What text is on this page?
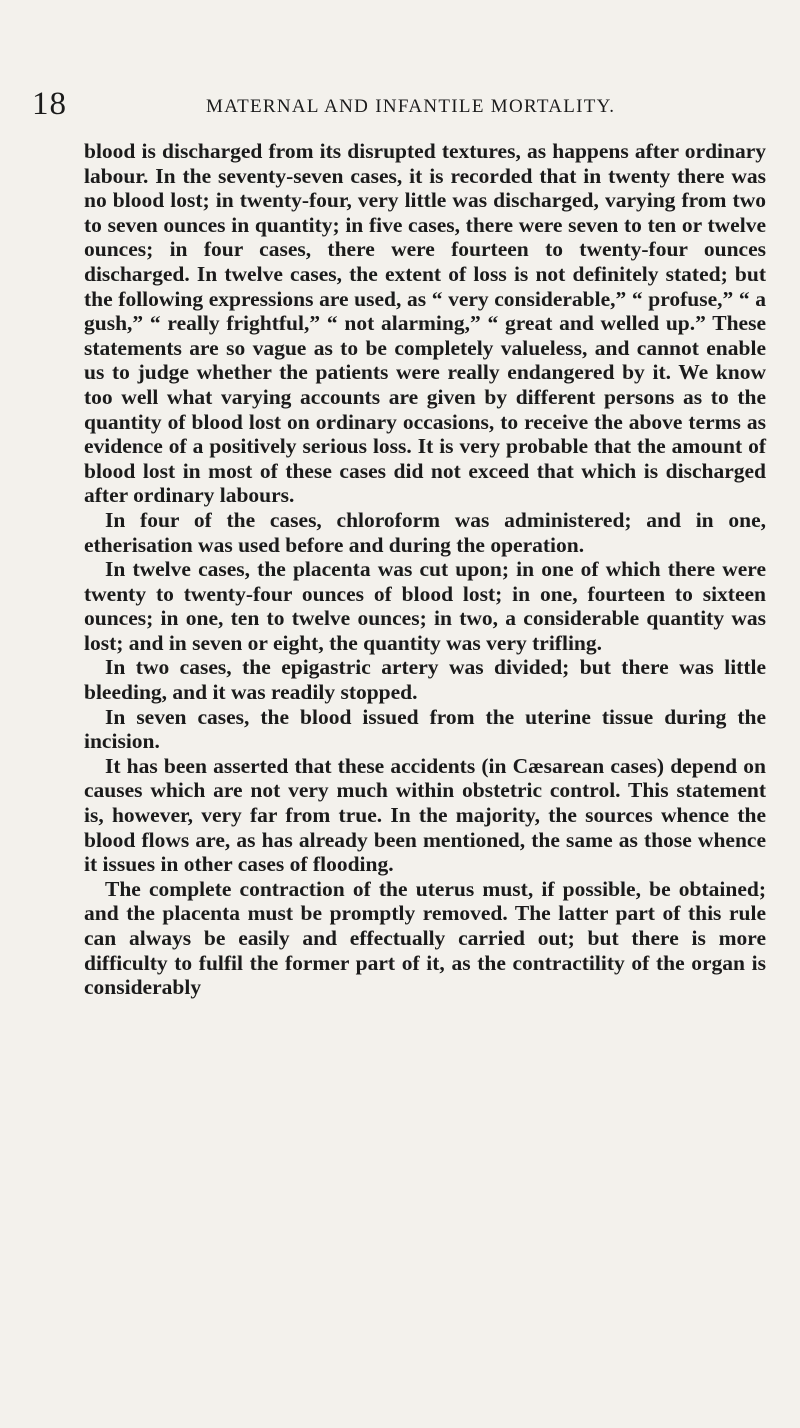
18	MATERNAL AND INFANTILE MORTALITY.

blood is discharged from its disrupted textures, as happens after ordinary labour. In the seventy-seven cases, it is recorded that in twenty there was no blood lost; in twenty-four, very little was discharged, varying from two to seven ounces in quantity; in five cases, there were seven to ten or twelve ounces; in four cases, there were fourteen to twenty-four ounces discharged. In twelve cases, the extent of loss is not definitely stated; but the following expressions are used, as “ very considerable,” “ profuse,” “ a gush,” “ really frightful,” “ not alarming,” “ great and welled up.” These statements are so vague as to be completely valueless, and cannot enable us to judge whether the patients were really endangered by it. We know too well what varying accounts are given by different persons as to the quantity of blood lost on ordinary occasions, to receive the above terms as evidence of a positively serious loss. It is very probable that the amount of blood lost in most of these cases did not exceed that which is discharged after ordinary labours.

In four of the cases, chloroform was administered; and in one, etherisation was used before and during the operation.

In twelve cases, the placenta was cut upon; in one of which there were twenty to twenty-four ounces of blood lost; in one, fourteen to sixteen ounces; in one, ten to twelve ounces; in two, a considerable quantity was lost; and in seven or eight, the quantity was very trifling.

In two cases, the epigastric artery was divided; but there was little bleeding, and it was readily stopped.

In seven cases, the blood issued from the uterine tissue during the incision.

It has been asserted that these accidents (in Cæsarean cases) depend on causes which are not very much within obstetric control. This statement is, however, very far from true. In the majority, the sources whence the blood flows are, as has already been mentioned, the same as those whence it issues in other cases of flooding.

The complete contraction of the uterus must, if possible, be obtained; and the placenta must be promptly removed. The latter part of this rule can always be easily and effectually carried out; but there is more difficulty to fulfil the former part of it, as the contractility of the organ is considerably
